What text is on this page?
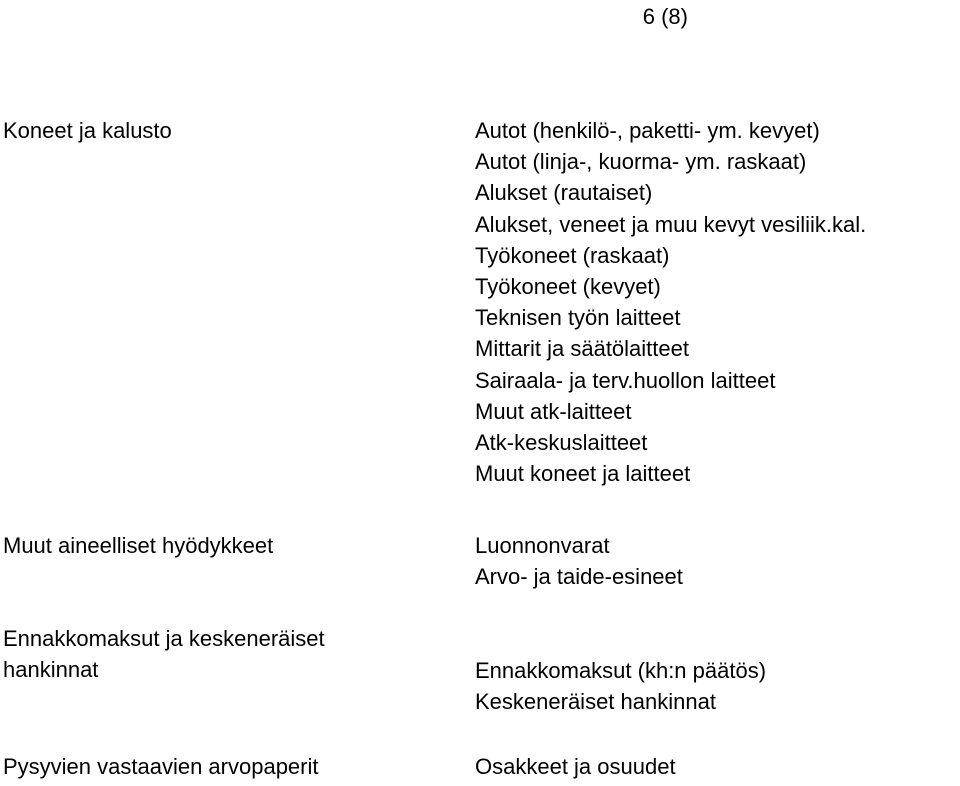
6 (8)
Koneet ja kalusto	Autot (henkilö-, paketti- ym. kevyet)
Autot (linja-, kuorma- ym. raskaat)
Alukset (rautaiset)
Alukset, veneet ja muu kevyt vesiliik.kal.
Työkoneet (raskaat)
Työkoneet (kevyet)
Teknisen työn laitteet
Mittarit ja säätölaitteet
Sairaala- ja terv.huollon laitteet
Muut atk-laitteet
Atk-keskuslaitteet
Muut koneet ja laitteet
Muut aineelliset hyödykkeet	Luonnonvarat
Arvo- ja taide-esineet
Ennakkomaksut ja keskeneräiset
hankinnat	Ennakkomaksut (kh:n päätös)
Keskeneräiset hankinnat
Pysyvien vastaavien arvopaperit	Osakkeet ja osuudet
